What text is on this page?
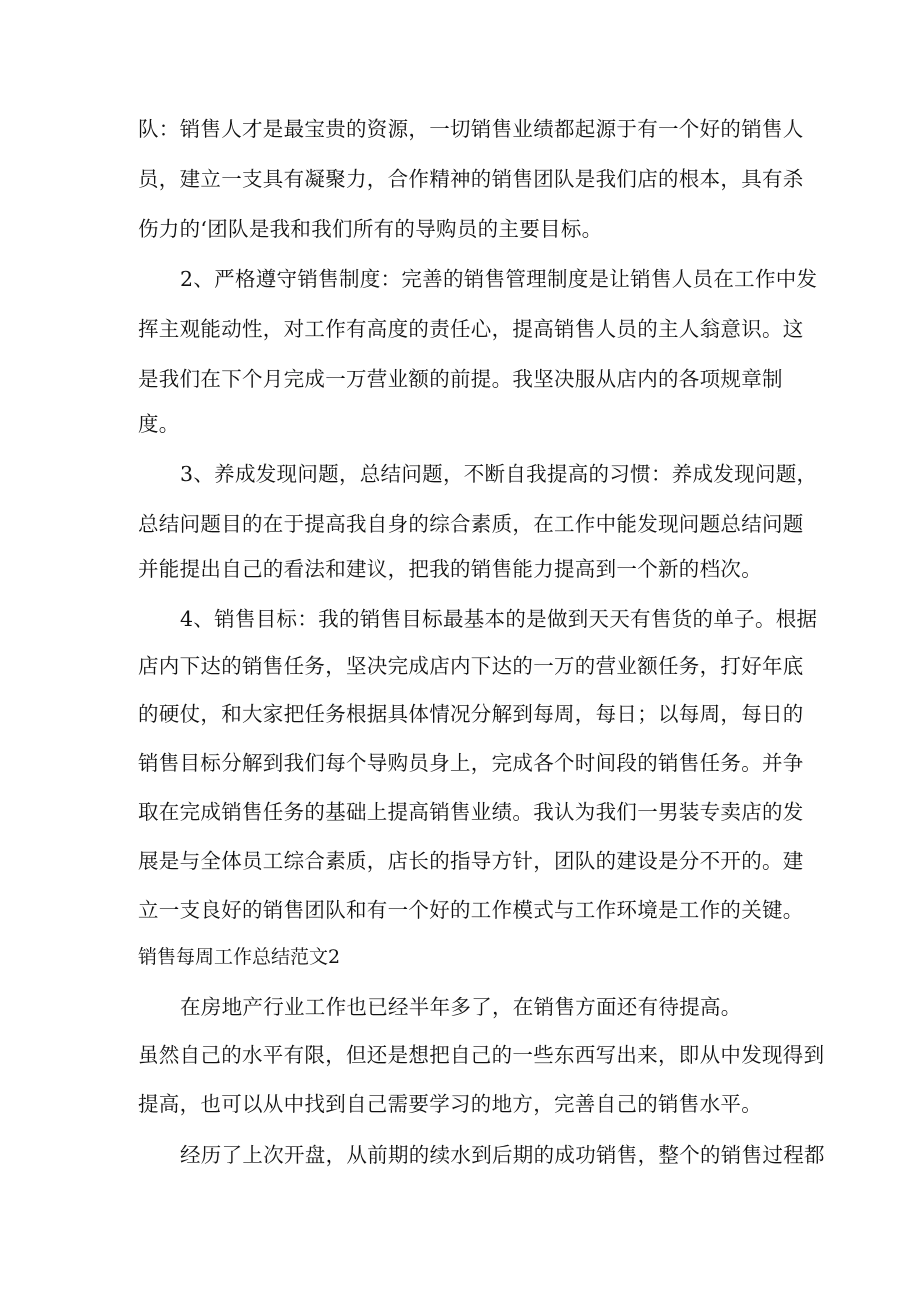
队：销售人才是最宝贵的资源，一切销售业绩都起源于有一个好的销售人

员，建立一支具有凝聚力，合作精神的销售团队是我们店的根本，具有杀

伤力的‘团队是我和我们所有的导购员的主要目标。

2、严格遵守销售制度：完善的销售管理制度是让销售人员在工作中发

挥主观能动性，对工作有高度的责任心，提高销售人员的主人翁意识。这

是我们在下个月完成一万营业额的前提。我坚决服从店内的各项规章制

度。

3、养成发现问题，总结问题，不断自我提高的习惯：养成发现问题，

总结问题目的在于提高我自身的综合素质，在工作中能发现问题总结问题

并能提出自己的看法和建议，把我的销售能力提高到一个新的档次。

4、销售目标：我的销售目标最基本的是做到天天有售货的单子。根据

店内下达的销售任务，坚决完成店内下达的一万的营业额任务，打好年底

的硬仗，和大家把任务根据具体情况分解到每周，每日；以每周，每日的

销售目标分解到我们每个导购员身上，完成各个时间段的销售任务。并争

取在完成销售任务的基础上提高销售业绩。我认为我们一男装专卖店的发

展是与全体员工综合素质，店长的指导方针，团队的建设是分不开的。建

立一支良好的销售团队和有一个好的工作模式与工作环境是工作的关键。

销售每周工作总结范文2

在房地产行业工作也已经半年多了，在销售方面还有待提高。

虽然自己的水平有限，但还是想把自己的一些东西写出来，即从中发现得到

提高，也可以从中找到自己需要学习的地方，完善自己的销售水平。

经历了上次开盘，从前期的续水到后期的成功销售，整个的销售过程都
